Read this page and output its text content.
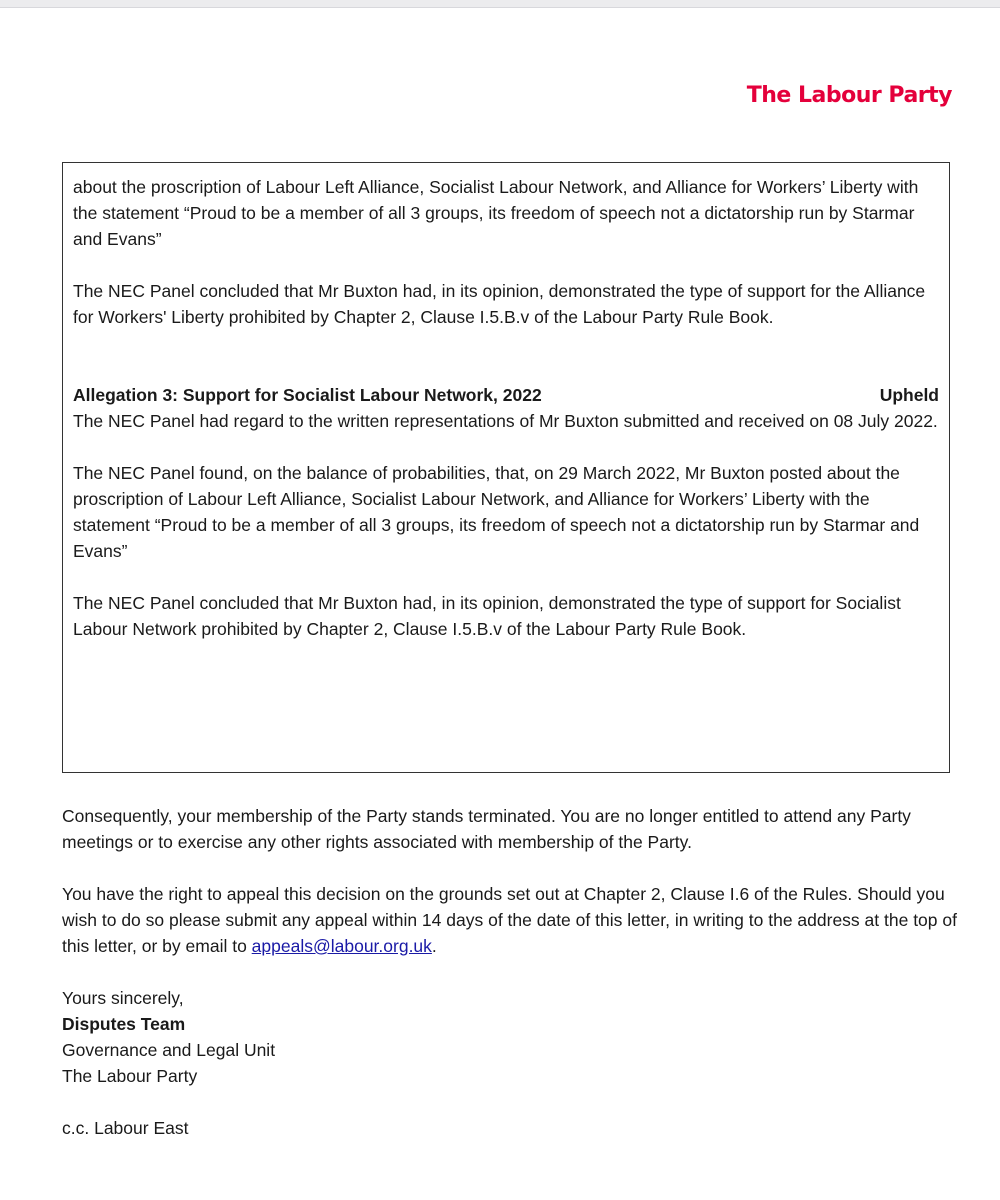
The Labour Party

about the proscription of Labour Left Alliance, Socialist Labour Network, and Alliance for Workers’ Liberty with the statement “Proud to be a member of all 3 groups, its freedom of speech not a dictatorship run by Starmar and Evans”

The NEC Panel concluded that Mr Buxton had, in its opinion, demonstrated the type of support for the Alliance for Workers' Liberty prohibited by Chapter 2, Clause I.5.B.v of the Labour Party Rule Book.

Allegation 3: Support for Socialist Labour Network, 2022	Upheld

The NEC Panel had regard to the written representations of Mr Buxton submitted and received on 08 July 2022.

The NEC Panel found, on the balance of probabilities, that, on 29 March 2022, Mr Buxton posted about the proscription of Labour Left Alliance, Socialist Labour Network, and Alliance for Workers’ Liberty with the statement “Proud to be a member of all 3 groups, its freedom of speech not a dictatorship run by Starmar and Evans”

The NEC Panel concluded that Mr Buxton had, in its opinion, demonstrated the type of support for Socialist Labour Network prohibited by Chapter 2, Clause I.5.B.v of the Labour Party Rule Book.

Consequently, your membership of the Party stands terminated. You are no longer entitled to attend any Party meetings or to exercise any other rights associated with membership of the Party.

You have the right to appeal this decision on the grounds set out at Chapter 2, Clause I.6 of the Rules. Should you wish to do so please submit any appeal within 14 days of the date of this letter, in writing to the address at the top of this letter, or by email to appeals@labour.org.uk.

Yours sincerely,

Disputes Team

Governance and Legal Unit

The Labour Party

c.c. Labour East
